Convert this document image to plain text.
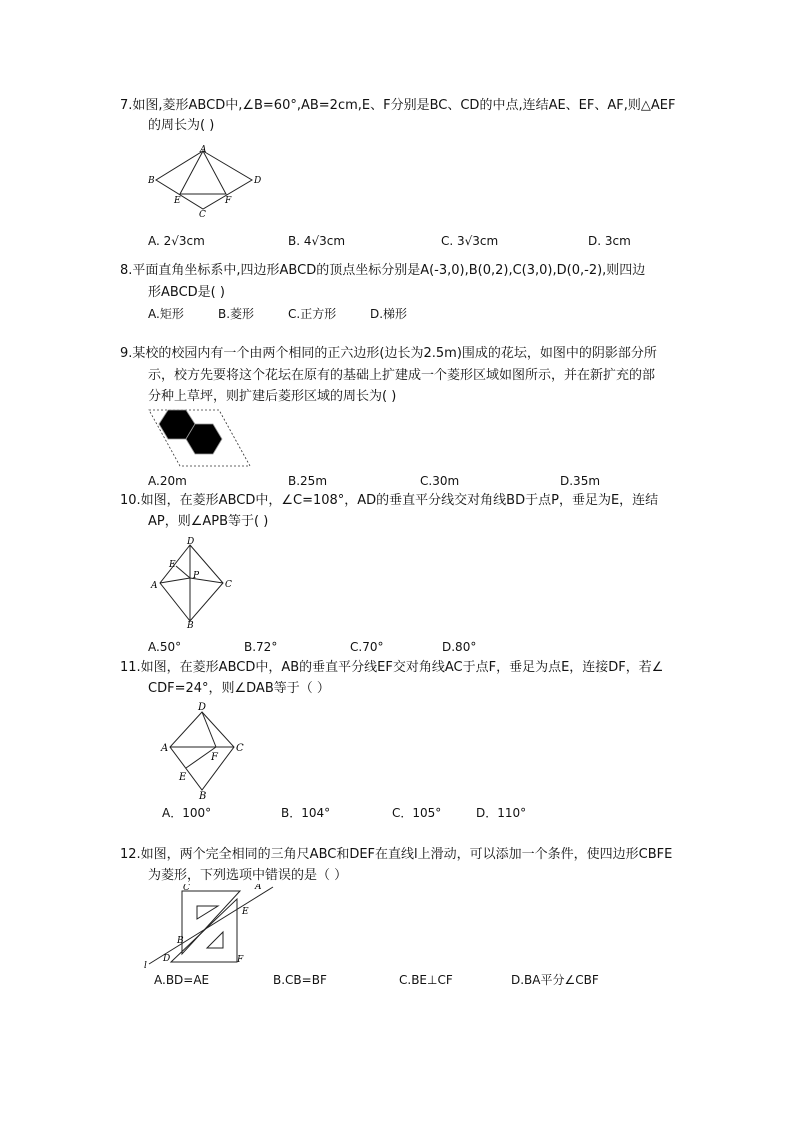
7.如图,菱形ABCD中,∠B=60°,AB=2cm,E、F分别是BC、CD的中点,连结AE、EF、AF,则△AEF
的周长为( )
A
B
C
D
E	F
A. 2√3cm	B. 4√3cm	C. 3√3cm	D. 3cm
8.平面直角坐标系中,四边形ABCD的顶点坐标分别是A(-3,0),B(0,2),C(3,0),D(0,-2),则四边
形ABCD是( )
A.矩形	B.菱形	C.正方形	D.梯形
9.某校的校园内有一个由两个相同的正六边形(边长为2.5m)围成的花坛，如图中的阴影部分所
示，校方先要将这个花坛在原有的基础上扩建成一个菱形区域如图所示，并在新扩充的部
分种上草坪，则扩建后菱形区域的周长为( )
A.20m	B.25m	C.30m	D.35m
10.如图，在菱形ABCD中，∠C=108°，AD的垂直平分线交对角线BD于点P，垂足为E，连结
AP，则∠APB等于( )
D
E
P
A	C
B
A.50°	B.72°	C.70°	D.80°
11.如图，在菱形ABCD中，AB的垂直平分线EF交对角线AC于点F，垂足为点E，连接DF，若∠
CDF=24°，则∠DAB等于（ ）
D
A	C
F
E
B
A．100°	B．104°	C．105°	D．110°
12.如图，两个完全相同的三角尺ABC和DEF在直线l上滑动，可以添加一个条件，使四边形CBFE
为菱形，下列选项中错误的是（ ）
C	A
E
B
D	F
l
A.BD=AE	B.CB=BF	C.BE⊥CF	D.BA平分∠CBF
